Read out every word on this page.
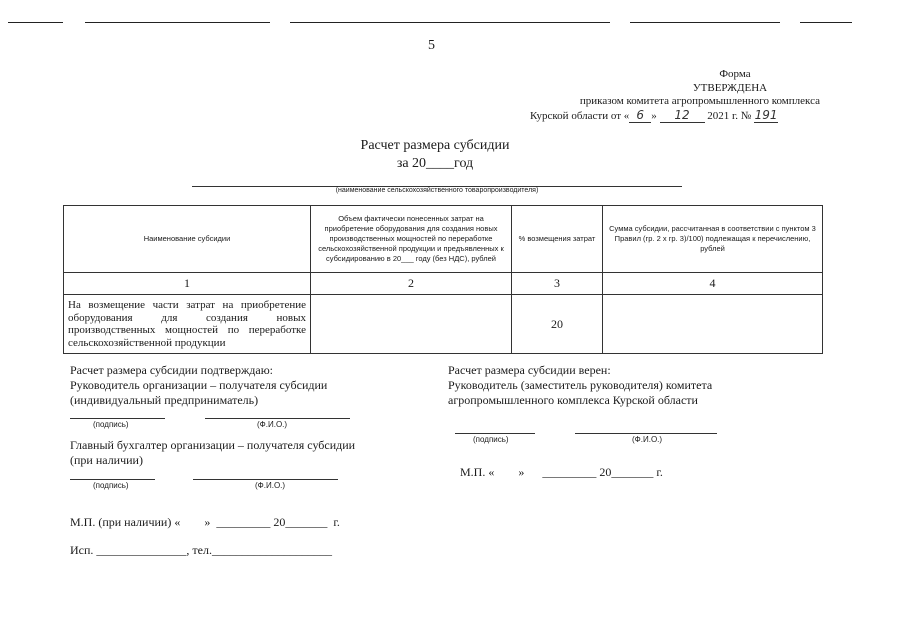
5
Форма
УТВЕРЖДЕНА
приказом комитета агропромышленного комплекса
Курской области от « 6 » 12 2021 г. № 191
Расчет размера субсидии
за 20____год
(наименование сельскохозяйственного товаропроизводителя)
Наименование субсидии	Объем фактически понесенных затрат на приобретение оборудования для создания новых производственных мощностей по переработке сельскохозяйственной продукции и предъявленных к субсидированию в 20___ году (без НДС), рублей	% возмещения затрат	Сумма субсидии, рассчитанная в соответствии с пунктом 3 Правил (гр. 2 х гр. 3)/100) подлежащая к перечислению, рублей
1	2	3	4
На возмещение части затрат на приобретение оборудования для создания новых производственных мощностей по переработке сельскохозяйственной продукции		20	
Расчет размера субсидии подтверждаю:
Руководитель организации – получателя субсидии
(индивидуальный предприниматель)
(подпись)	(Ф.И.О.)
Главный бухгалтер организации – получателя субсидии
(при наличии)
(подпись)	(Ф.И.О.)
М.П. (при наличии) «        »  _________ 20_______  г.
Исп. _______________, тел.____________________
Расчет размера субсидии верен:
Руководитель (заместитель руководителя) комитета
агропромышленного комплекса Курской области
(подпись)	(Ф.И.О.)
М.П. «        »      _________ 20_______ г.
